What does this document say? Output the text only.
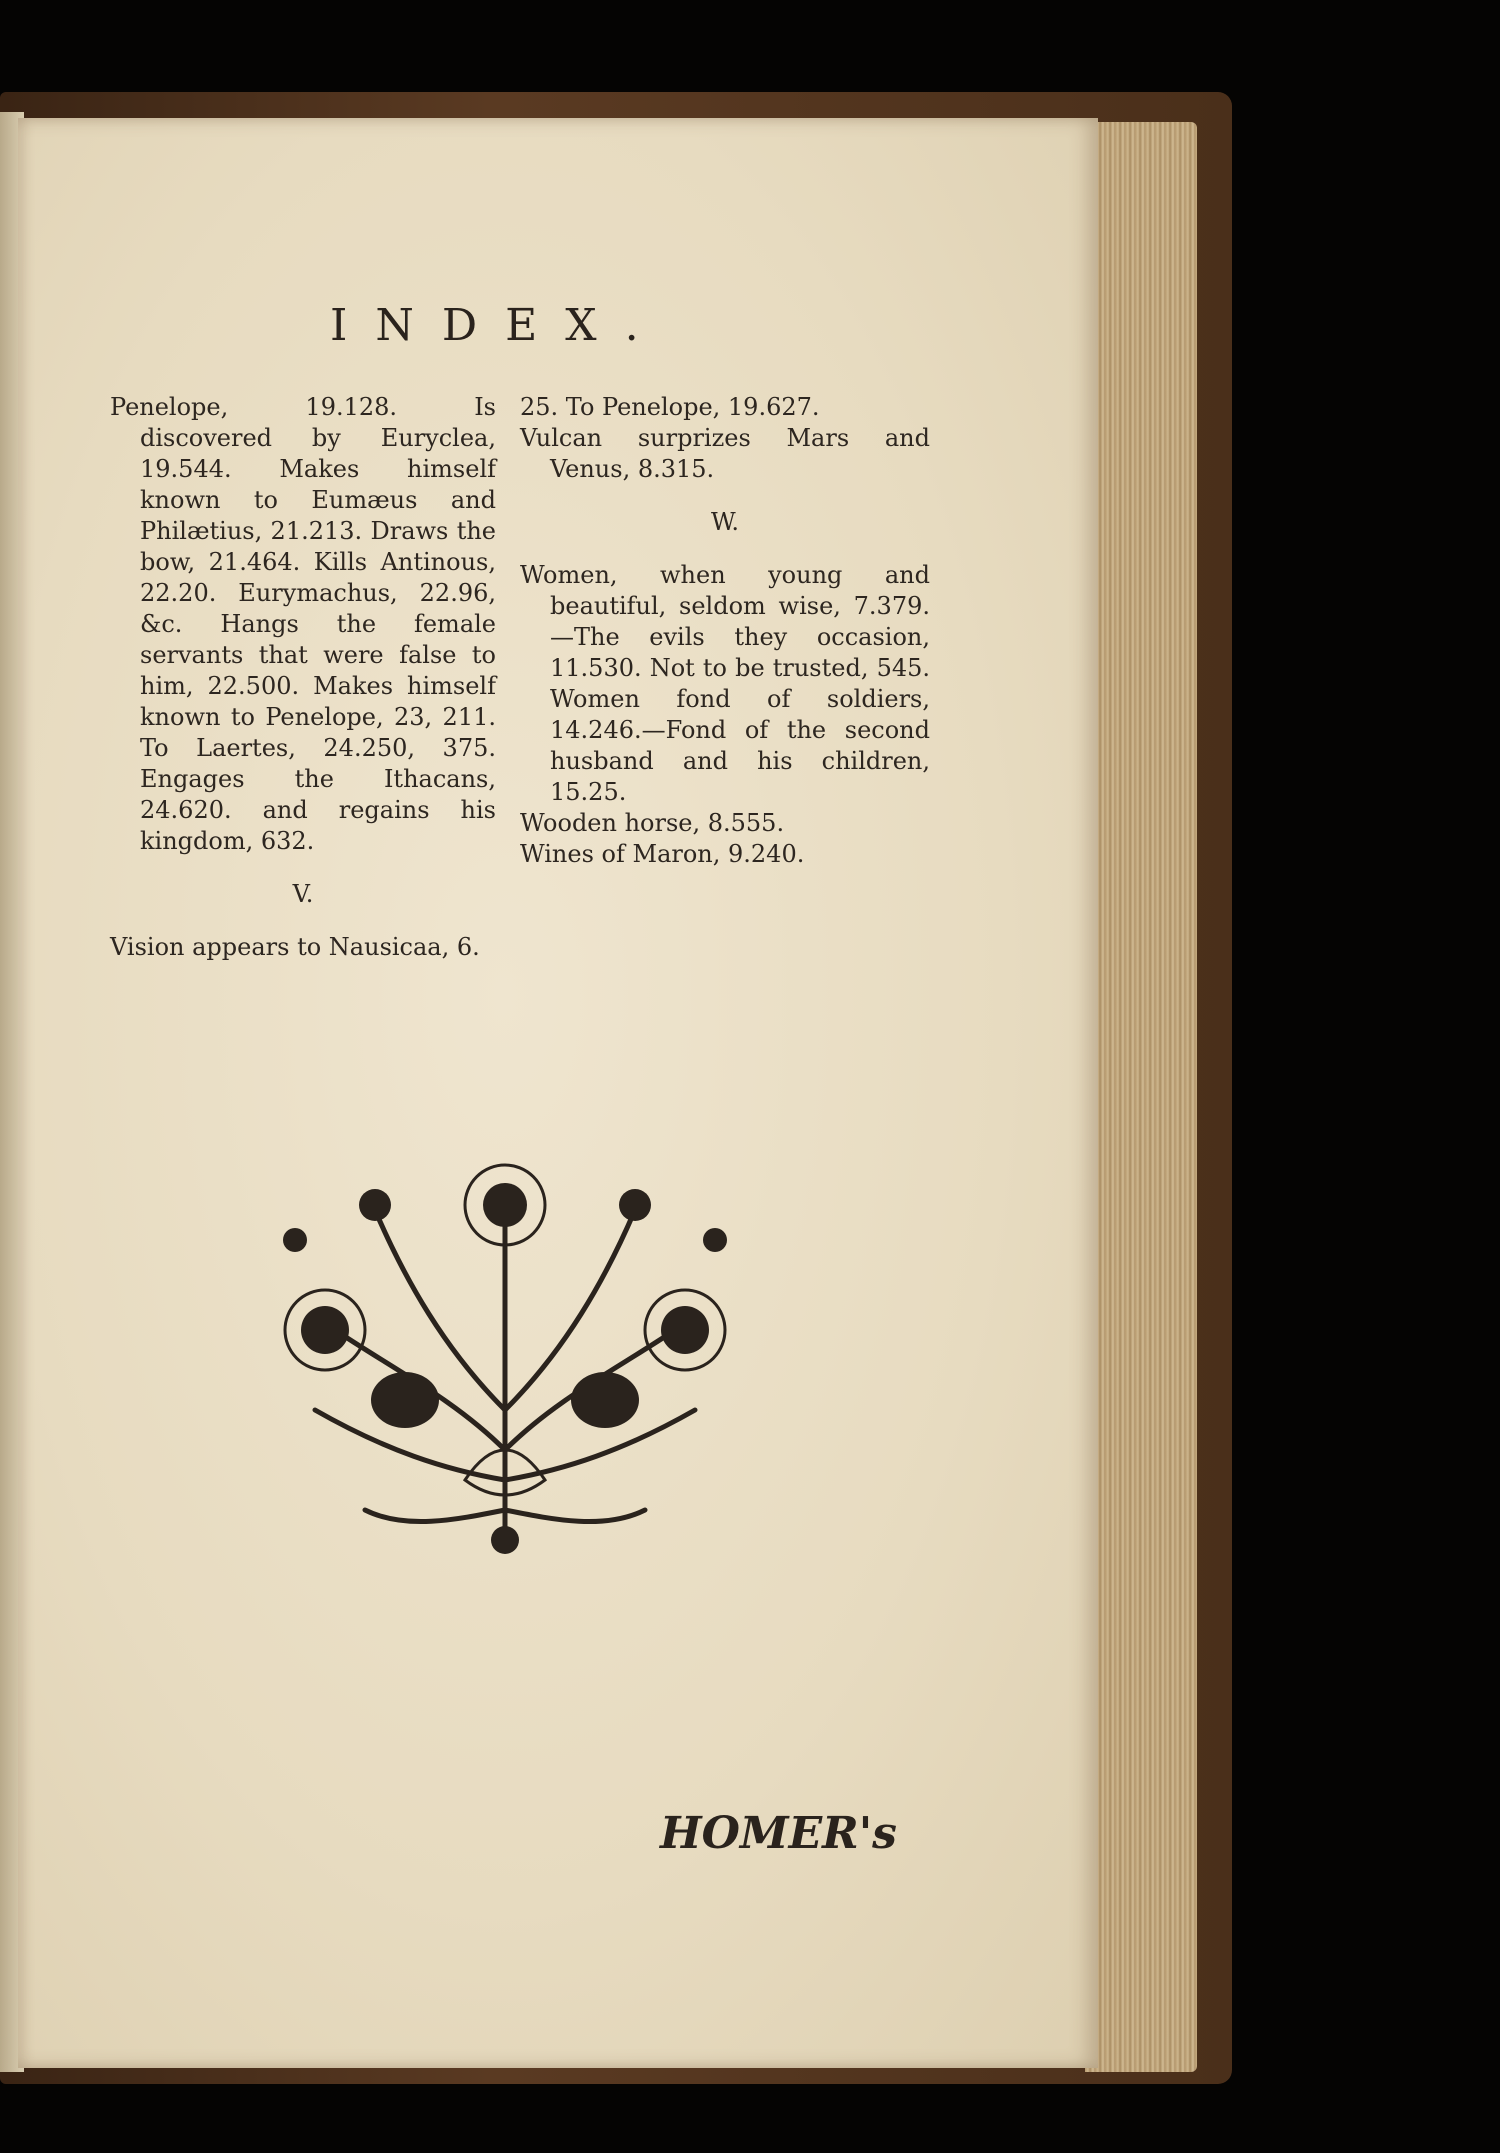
INDEX.

Penelope, 19.128. Is discovered by Euryclea, 19.544. Makes himself known to Eumæus and Philætius, 21.213. Draws the bow, 21.464. Kills Antinous, 22.20. Eurymachus, 22.96, &c. Hangs the female servants that were false to him, 22.500. Makes himself known to Penelope, 23, 211. To Laertes, 24.250, 375. Engages the Ithacans, 24.620. and regains his kingdom, 632.

V.

Vision appears to Nausicaa, 6.

25. To Penelope, 19.627.

Vulcan surprizes Mars and Venus, 8.315.

W.

Women, when young and beautiful, seldom wise, 7.379.—The evils they occasion, 11.530. Not to be trusted, 545. Women fond of soldiers, 14.246.—Fond of the second husband and his children, 15.25.

Wooden horse, 8.555.

Wines of Maron, 9.240.

HOMER's
